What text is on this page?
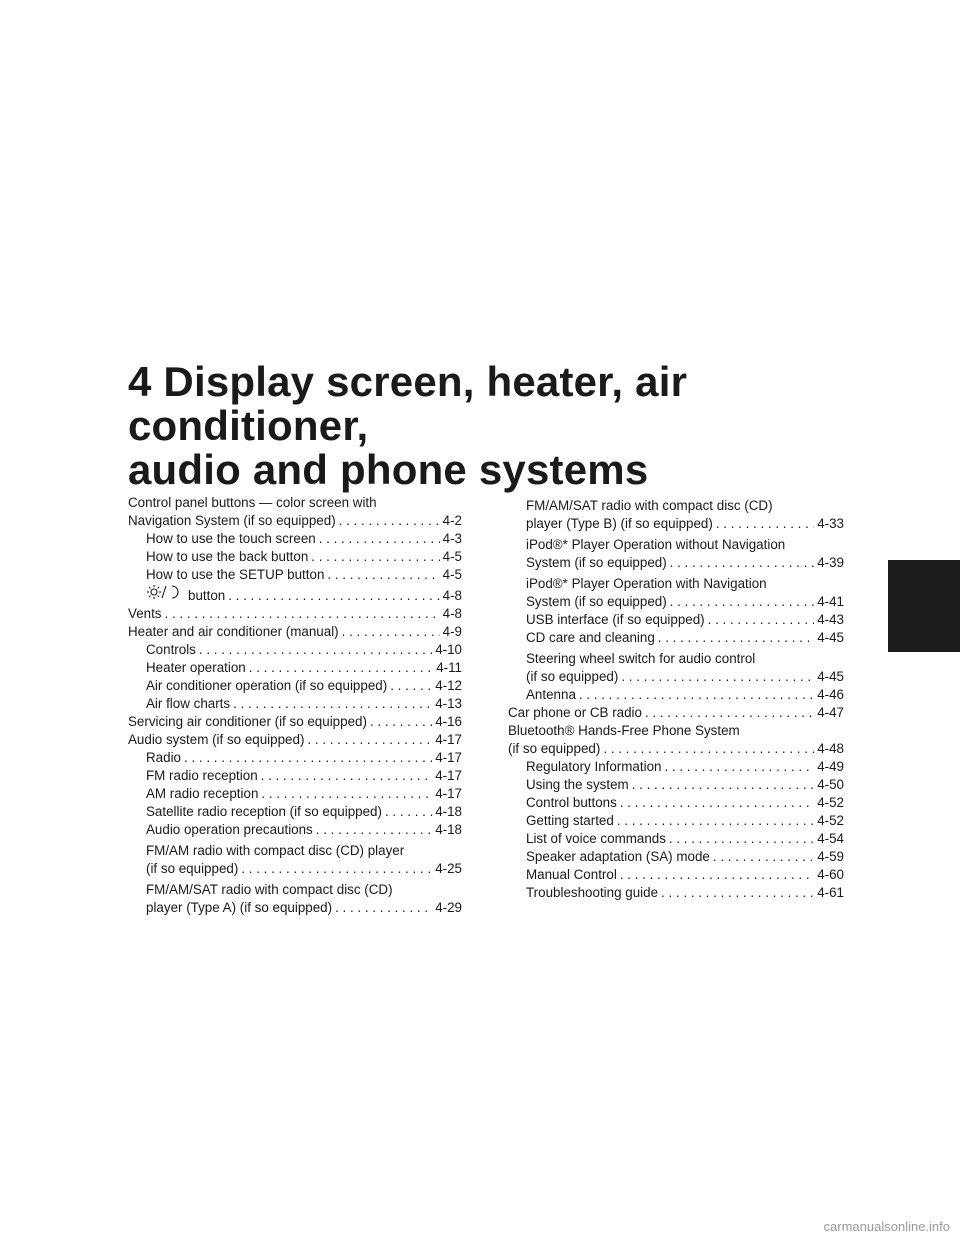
4 Display screen, heater, air conditioner,
audio and phone systems
Control panel buttons — color screen with
Navigation System (if so equipped) . . .	4-2
How to use the touch screen . . .	4-3
How to use the back button . . .	4-5
How to use the SETUP button . . .	4-5
button . . .	4-8
Vents . . .	4-8
Heater and air conditioner (manual) . . .	4-9
Controls . . .	4-10
Heater operation . . .	4-11
Air conditioner operation (if so equipped) . . .	4-12
Air flow charts . . .	4-13
Servicing air conditioner (if so equipped) . . .	4-16
Audio system (if so equipped) . . .	4-17
Radio . . .	4-17
FM radio reception . . .	4-17
AM radio reception . . .	4-17
Satellite radio reception (if so equipped) . . .	4-18
Audio operation precautions . . .	4-18
FM/AM radio with compact disc (CD) player
(if so equipped) . . .	4-25
FM/AM/SAT radio with compact disc (CD)
player (Type A) (if so equipped) . . .	4-29
FM/AM/SAT radio with compact disc (CD)
player (Type B) (if so equipped) . . .	4-33
iPod®* Player Operation without Navigation
System (if so equipped) . . .	4-39
iPod®* Player Operation with Navigation
System (if so equipped) . . .	4-41
USB interface (if so equipped) . . .	4-43
CD care and cleaning . . .	4-45
Steering wheel switch for audio control
(if so equipped) . . .	4-45
Antenna . . .	4-46
Car phone or CB radio . . .	4-47
Bluetooth® Hands-Free Phone System
(if so equipped) . . .	4-48
Regulatory Information . . .	4-49
Using the system . . .	4-50
Control buttons . . .	4-52
Getting started . . .	4-52
List of voice commands . . .	4-54
Speaker adaptation (SA) mode . . .	4-59
Manual Control . . .	4-60
Troubleshooting guide . . .	4-61
carmanualsonline.info
